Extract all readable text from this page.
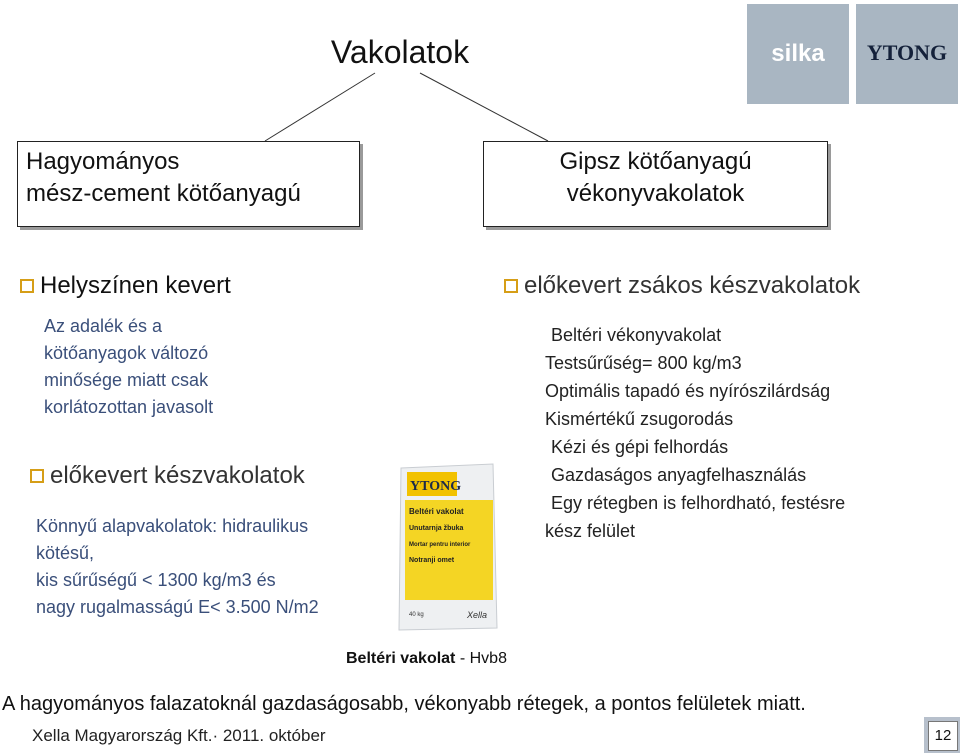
Vakolatok	silka	YTONG
Hagyományos
mész-cement kötőanyagú
Gipsz kötőanyagú
vékonyvakolatok
Helyszínen kevert
Az adalék és a
kötőanyagok változó
minősége miatt csak
korlátozottan javasolt
előkevert készvakolatok
Könnyű alapvakolatok: hidraulikus
kötésű,
kis sűrűségű < 1300 kg/m3 és
nagy rugalmasságú E< 3.500 N/m2
YTONG
Beltéri vakolat
Unutarnja žbuka
Mortar pentru interior
Notranji omet
40 kg	Xella
előkevert zsákos készvakolatok
Beltéri vékonyvakolat
Testsűrűség= 800 kg/m3
Optimális tapadó és nyírószilárdság
Kismértékű zsugorodás
Kézi és gépi felhordás
Gazdaságos anyagfelhasználás
Egy rétegben is felhordható, festésre
kész felület
Beltéri vakolat - Hvb8
A hagyományos falazatoknál gazdaságosabb, vékonyabb rétegek, a pontos felületek miatt.
Xella Magyarország Kft.· 2011. október	12
